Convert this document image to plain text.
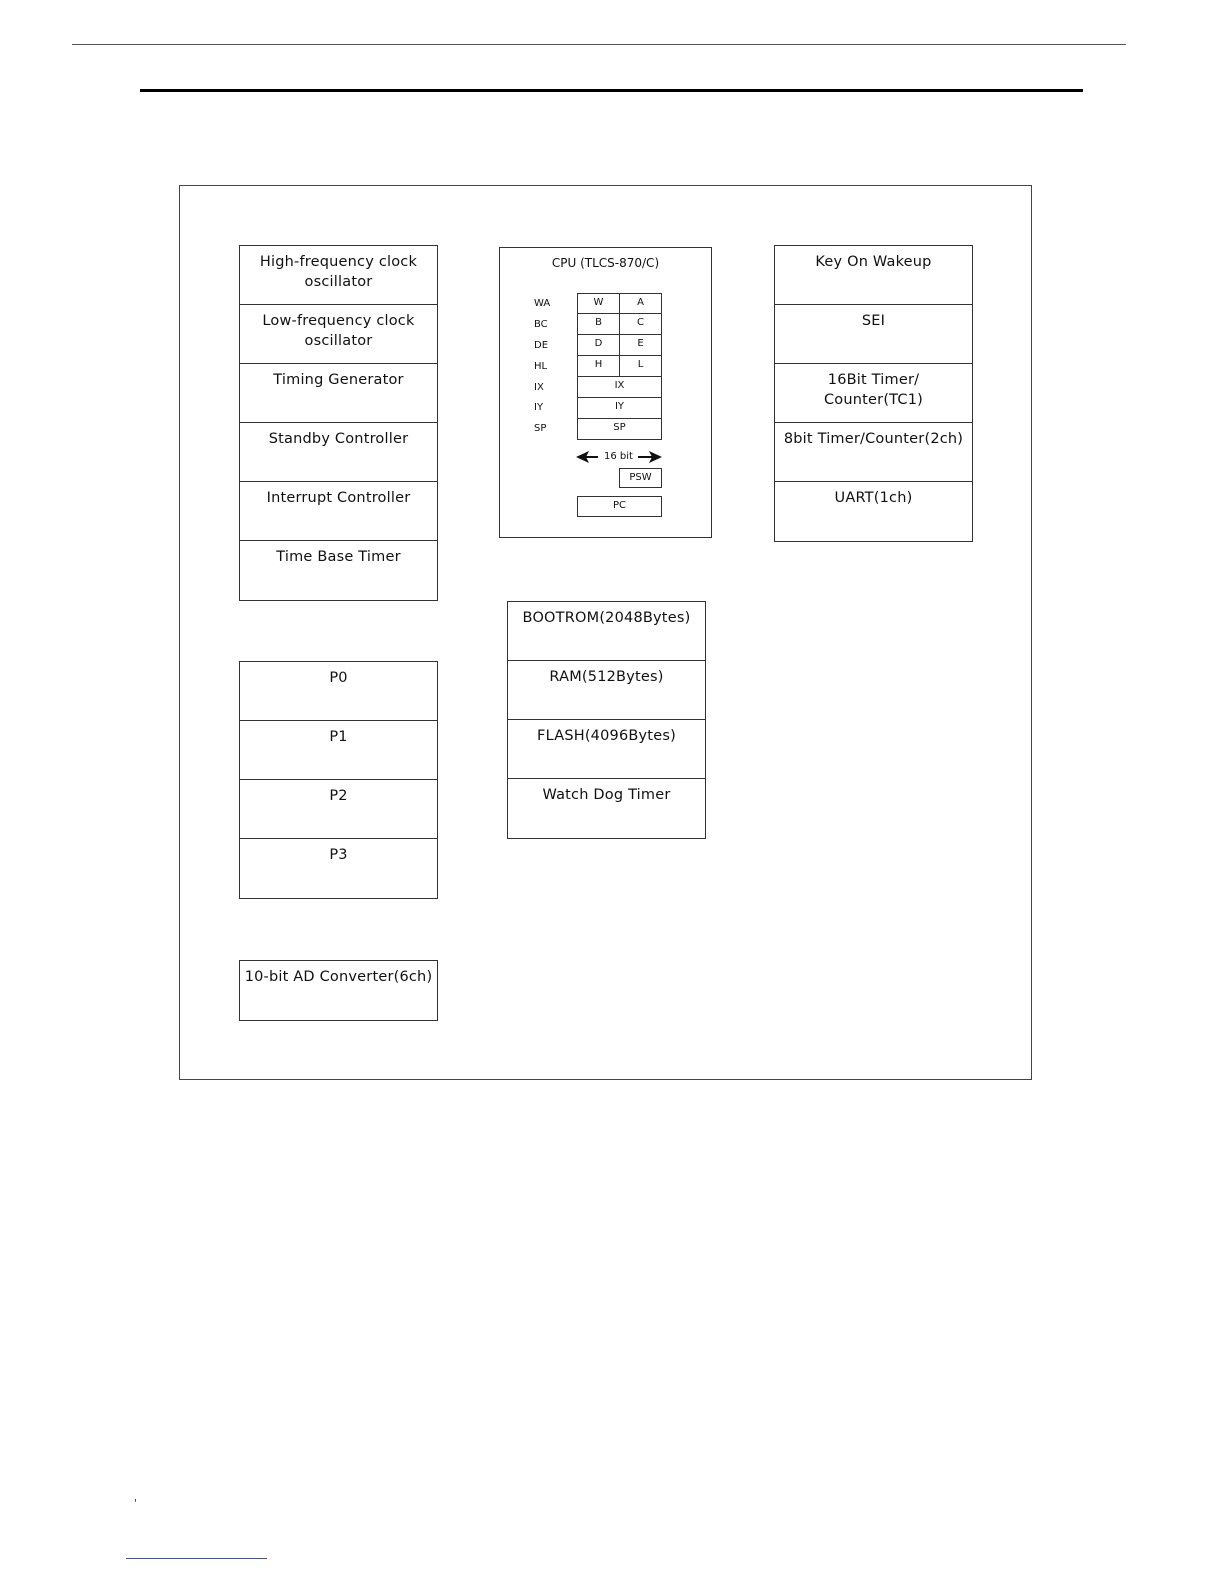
High-frequency clock
oscillator
Low-frequency clock
oscillator
Timing Generator
Standby Controller
Interrupt Controller
Time Base Timer
P0
P1
P2
P3
10-bit AD Converter(6ch)
Key On Wakeup
SEI
16Bit Timer/
Counter(TC1)
8bit Timer/Counter(2ch)
UART(1ch)
BOOTROM(2048Bytes)
RAM(512Bytes)
FLASH(4096Bytes)
Watch Dog Timer
CPU (TLCS-870/C)
WA
BC
DE
HL
IX
IY
SP
W	A
B	C
D	E
H	L
IX
IY
SP
16 bit
PSW
PC
'
